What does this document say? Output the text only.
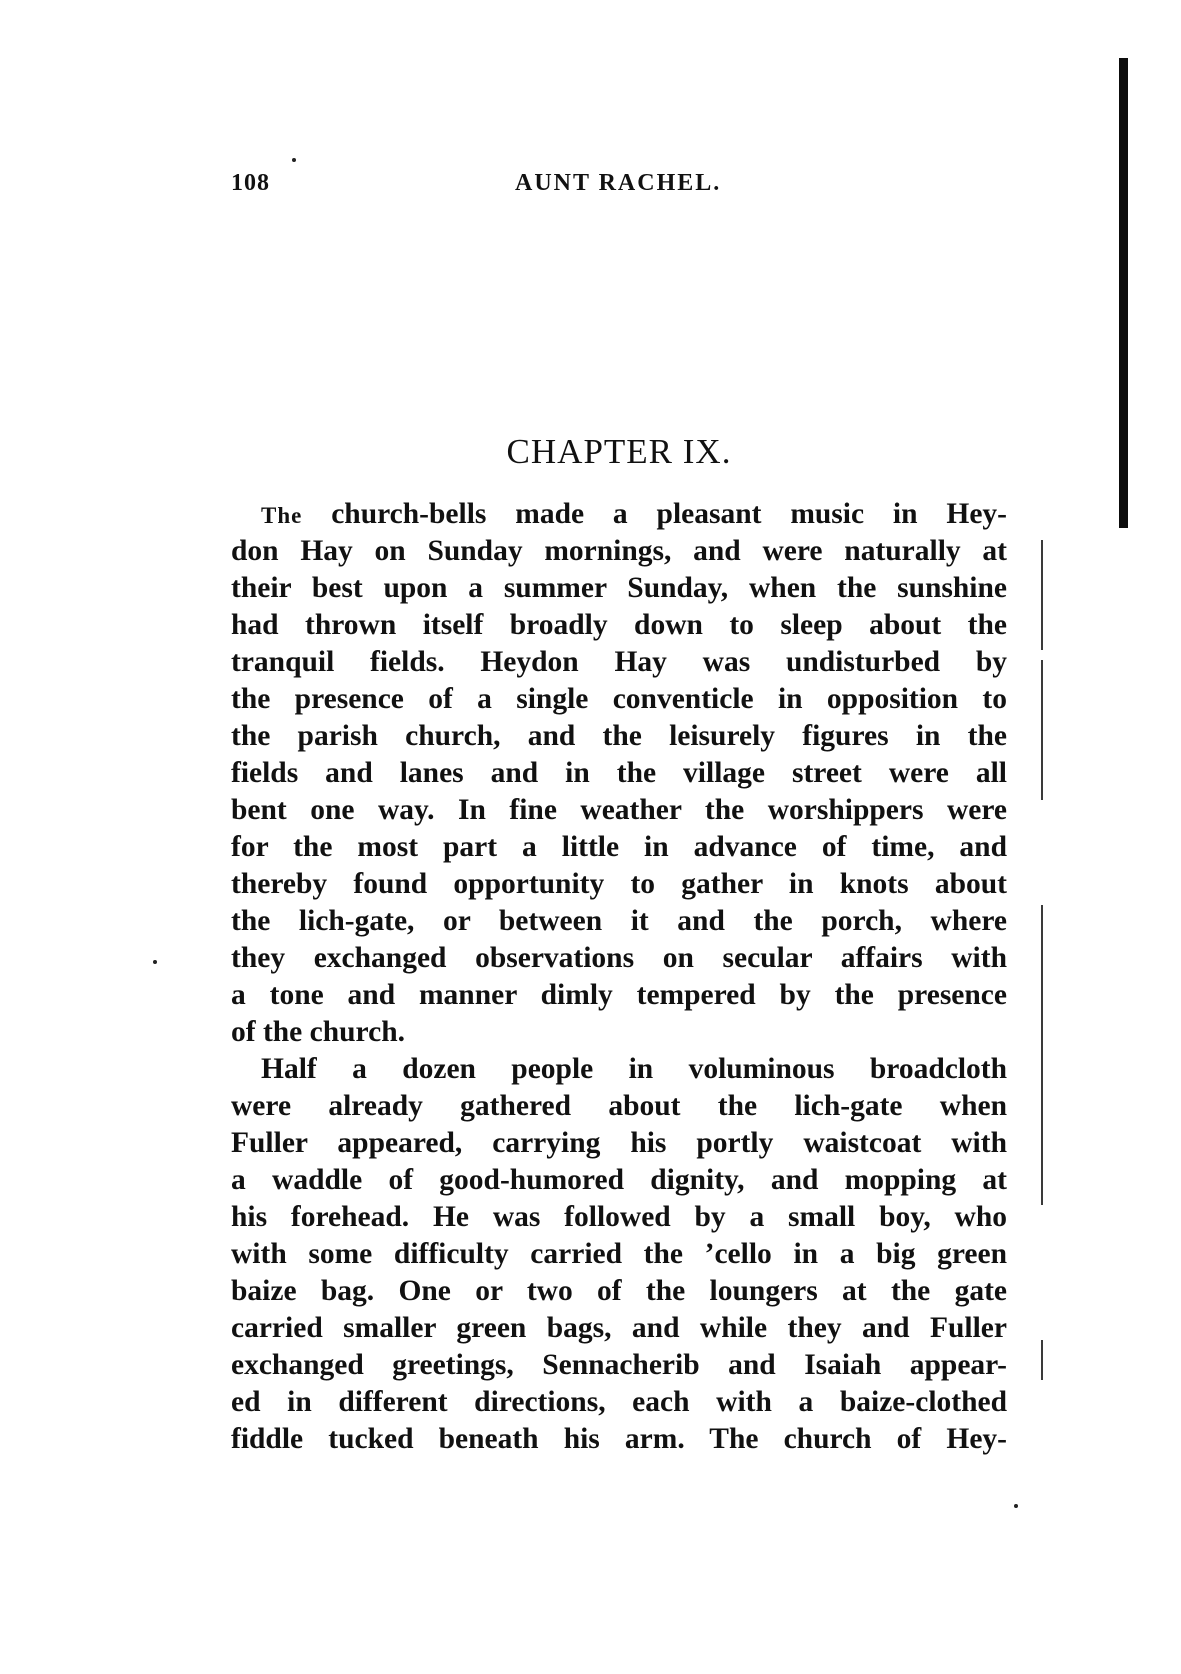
108	AUNT RACHEL.
CHAPTER IX.
The church-bells made a pleasant music in Hey-
don Hay on Sunday mornings, and were naturally at
their best upon a summer Sunday, when the sunshine
had thrown itself broadly down to sleep about the
tranquil fields. Heydon Hay was undisturbed by
the presence of a single conventicle in opposition to
the parish church, and the leisurely figures in the
fields and lanes and in the village street were all
bent one way. In fine weather the worshippers were
for the most part a little in advance of time, and
thereby found opportunity to gather in knots about
the lich-gate, or between it and the porch, where
they exchanged observations on secular affairs with
a tone and manner dimly tempered by the presence
of the church.
Half a dozen people in voluminous broadcloth
were already gathered about the lich-gate when
Fuller appeared, carrying his portly waistcoat with
a waddle of good-humored dignity, and mopping at
his forehead. He was followed by a small boy, who
with some difficulty carried the ’cello in a big green
baize bag. One or two of the loungers at the gate
carried smaller green bags, and while they and Fuller
exchanged greetings, Sennacherib and Isaiah appear-
ed in different directions, each with a baize-clothed
fiddle tucked beneath his arm. The church of Hey-
